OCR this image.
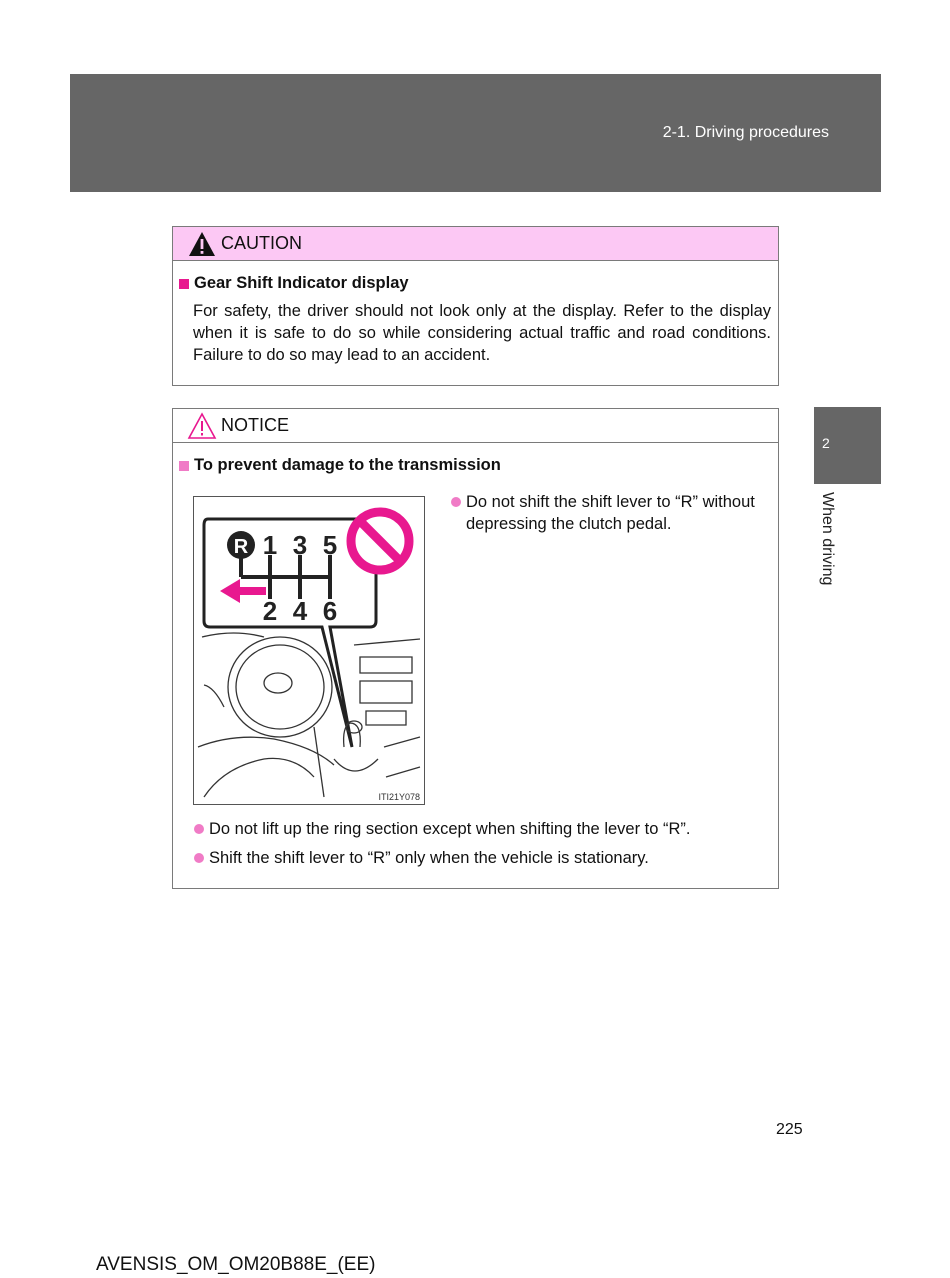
2-1. Driving procedures
2
When driving
CAUTION
Gear Shift Indicator display
For safety, the driver should not look only at the display. Refer to the display when it is safe to do so while considering actual traffic and road conditions. Failure to do so may lead to an accident.
NOTICE
To prevent damage to the transmission
R 1 3 5
2 4 6
ITI21Y078
Do not shift the shift lever to “R” without depressing the clutch pedal.
Do not lift up the ring section except when shifting the lever to “R”.
Shift the shift lever to “R” only when the vehicle is stationary.
225
AVENSIS_OM_OM20B88E_(EE)
